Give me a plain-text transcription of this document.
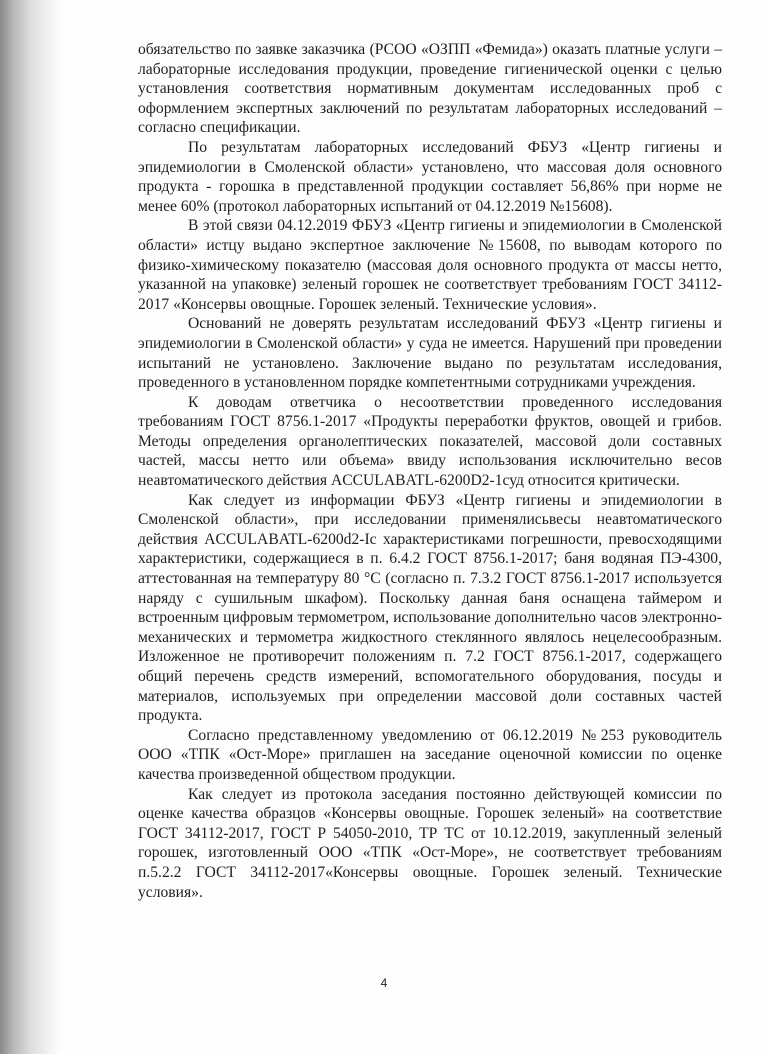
обязательство по заявке заказчика (РСОО «ОЗПП «Фемида») оказать платные услуги – лабораторные исследования продукции, проведение гигиенической оценки с целью установления соответствия нормативным документам исследованных проб с оформлением экспертных заключений по результатам лабораторных исследований – согласно спецификации.

По результатам лабораторных исследований ФБУЗ «Центр гигиены и эпидемиологии в Смоленской области» установлено, что массовая доля основного продукта - горошка в представленной продукции составляет 56,86% при норме не менее 60% (протокол лабораторных испытаний от 04.12.2019 №15608).

В этой связи 04.12.2019 ФБУЗ «Центр гигиены и эпидемиологии в Смоленской области» истцу выдано экспертное заключение №15608, по выводам которого по физико-химическому показателю (массовая доля основного продукта от массы нетто, указанной на упаковке) зеленый горошек не соответствует требованиям ГОСТ 34112-2017 «Консервы овощные. Горошек зеленый. Технические условия».

Оснований не доверять результатам исследований ФБУЗ «Центр гигиены и эпидемиологии в Смоленской области» у суда не имеется. Нарушений при проведении испытаний не установлено. Заключение выдано по результатам исследования, проведенного в установленном порядке компетентными сотрудниками учреждения.

К доводам ответчика о несоответствии проведенного исследования требованиям ГОСТ 8756.1-2017 «Продукты переработки фруктов, овощей и грибов. Методы определения органолептических показателей, массовой доли составных частей, массы нетто или объема» ввиду использования исключительно весов неавтоматического действия ACCULABATL-6200D2-1суд относится критически.

Как следует из информации ФБУЗ «Центр гигиены и эпидемиологии в Смоленской области», при исследовании применялисьвесы неавтоматического действия ACCULABATL-6200d2-Ic характеристиками погрешности, превосходящими характеристики, содержащиеся в п. 6.4.2 ГОСТ 8756.1-2017; баня водяная ПЭ-4300, аттестованная на температуру 80 °С (согласно п. 7.3.2 ГОСТ 8756.1-2017 используется наряду с сушильным шкафом). Поскольку данная баня оснащена таймером и встроенным цифровым термометром, использование дополнительно часов электронно-механических и термометра жидкостного стеклянного являлось нецелесообразным. Изложенное не противоречит положениям п. 7.2 ГОСТ 8756.1-2017, содержащего общий перечень средств измерений, вспомогательного оборудования, посуды и материалов, используемых при определении массовой доли составных частей продукта.

Согласно представленному уведомлению от 06.12.2019 №253 руководитель ООО «ТПК «Ост-Море» приглашен на заседание оценочной комиссии по оценке качества произведенной обществом продукции.

Как следует из протокола заседания постоянно действующей комиссии по оценке качества образцов «Консервы овощные. Горошек зеленый» на соответствие ГОСТ 34112-2017, ГОСТ Р 54050-2010, ТР ТС от 10.12.2019, закупленный зеленый горошек, изготовленный ООО «ТПК «Ост-Море», не соответствует требованиям п.5.2.2 ГОСТ 34112-2017«Консервы овощные. Горошек зеленый. Технические условия».

4
